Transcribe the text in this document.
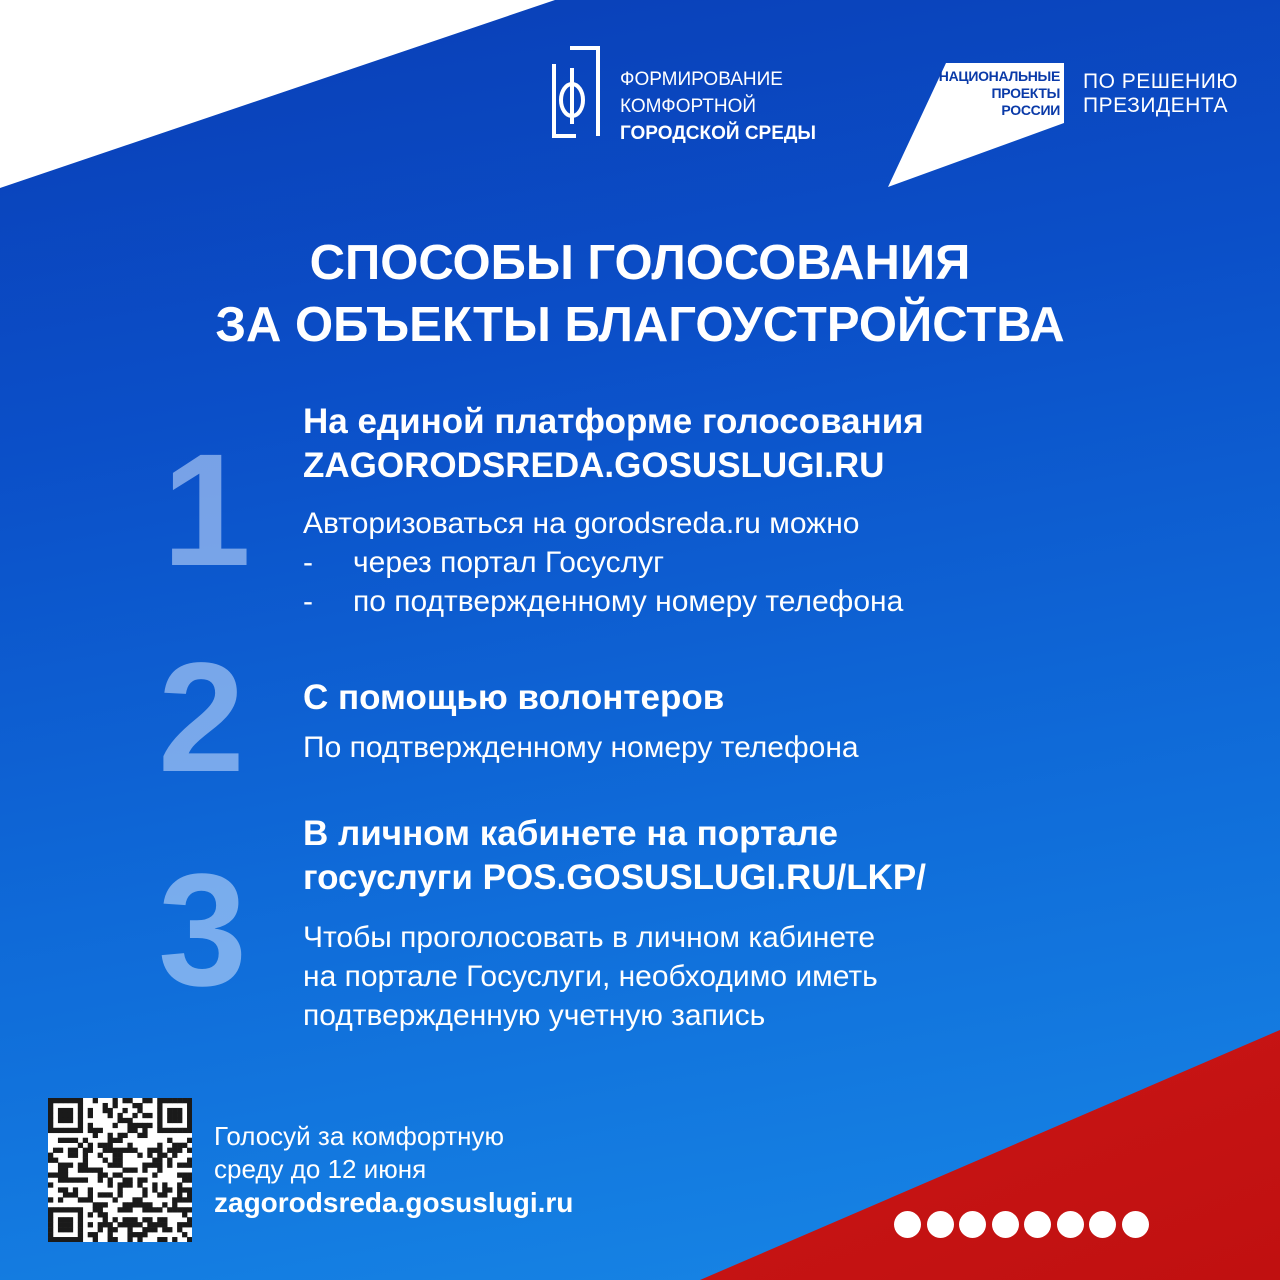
ФОРМИРОВАНИЕ
КОМФОРТНОЙ
ГОРОДСКОЙ СРЕДЫ
НАЦИОНАЛЬНЫЕ
ПРОЕКТЫ
РОССИИ
ПО РЕШЕНИЮ
ПРЕЗИДЕНТА
СПОСОБЫ ГОЛОСОВАНИЯ
ЗА ОБЪЕКТЫ БЛАГОУСТРОЙСТВА
1 На единой платформе голосования
ZAGORODSREDA.GOSUSLUGI.RU
Авторизоваться на gorodsreda.ru можно
-	через портал Госуслуг
-	по подтвержденному номеру телефона
2 С помощью волонтеров
По подтвержденному номеру телефона
3
В личном кабинете на портале
госуслуги POS.GOSUSLUGI.RU/LKP/
Чтобы проголосовать в личном кабинете
на портале Госуслуги, необходимо иметь
подтвержденную учетную запись
Голосуй за комфортную
среду до 12 июня
zagorodsreda.gosuslugi.ru
